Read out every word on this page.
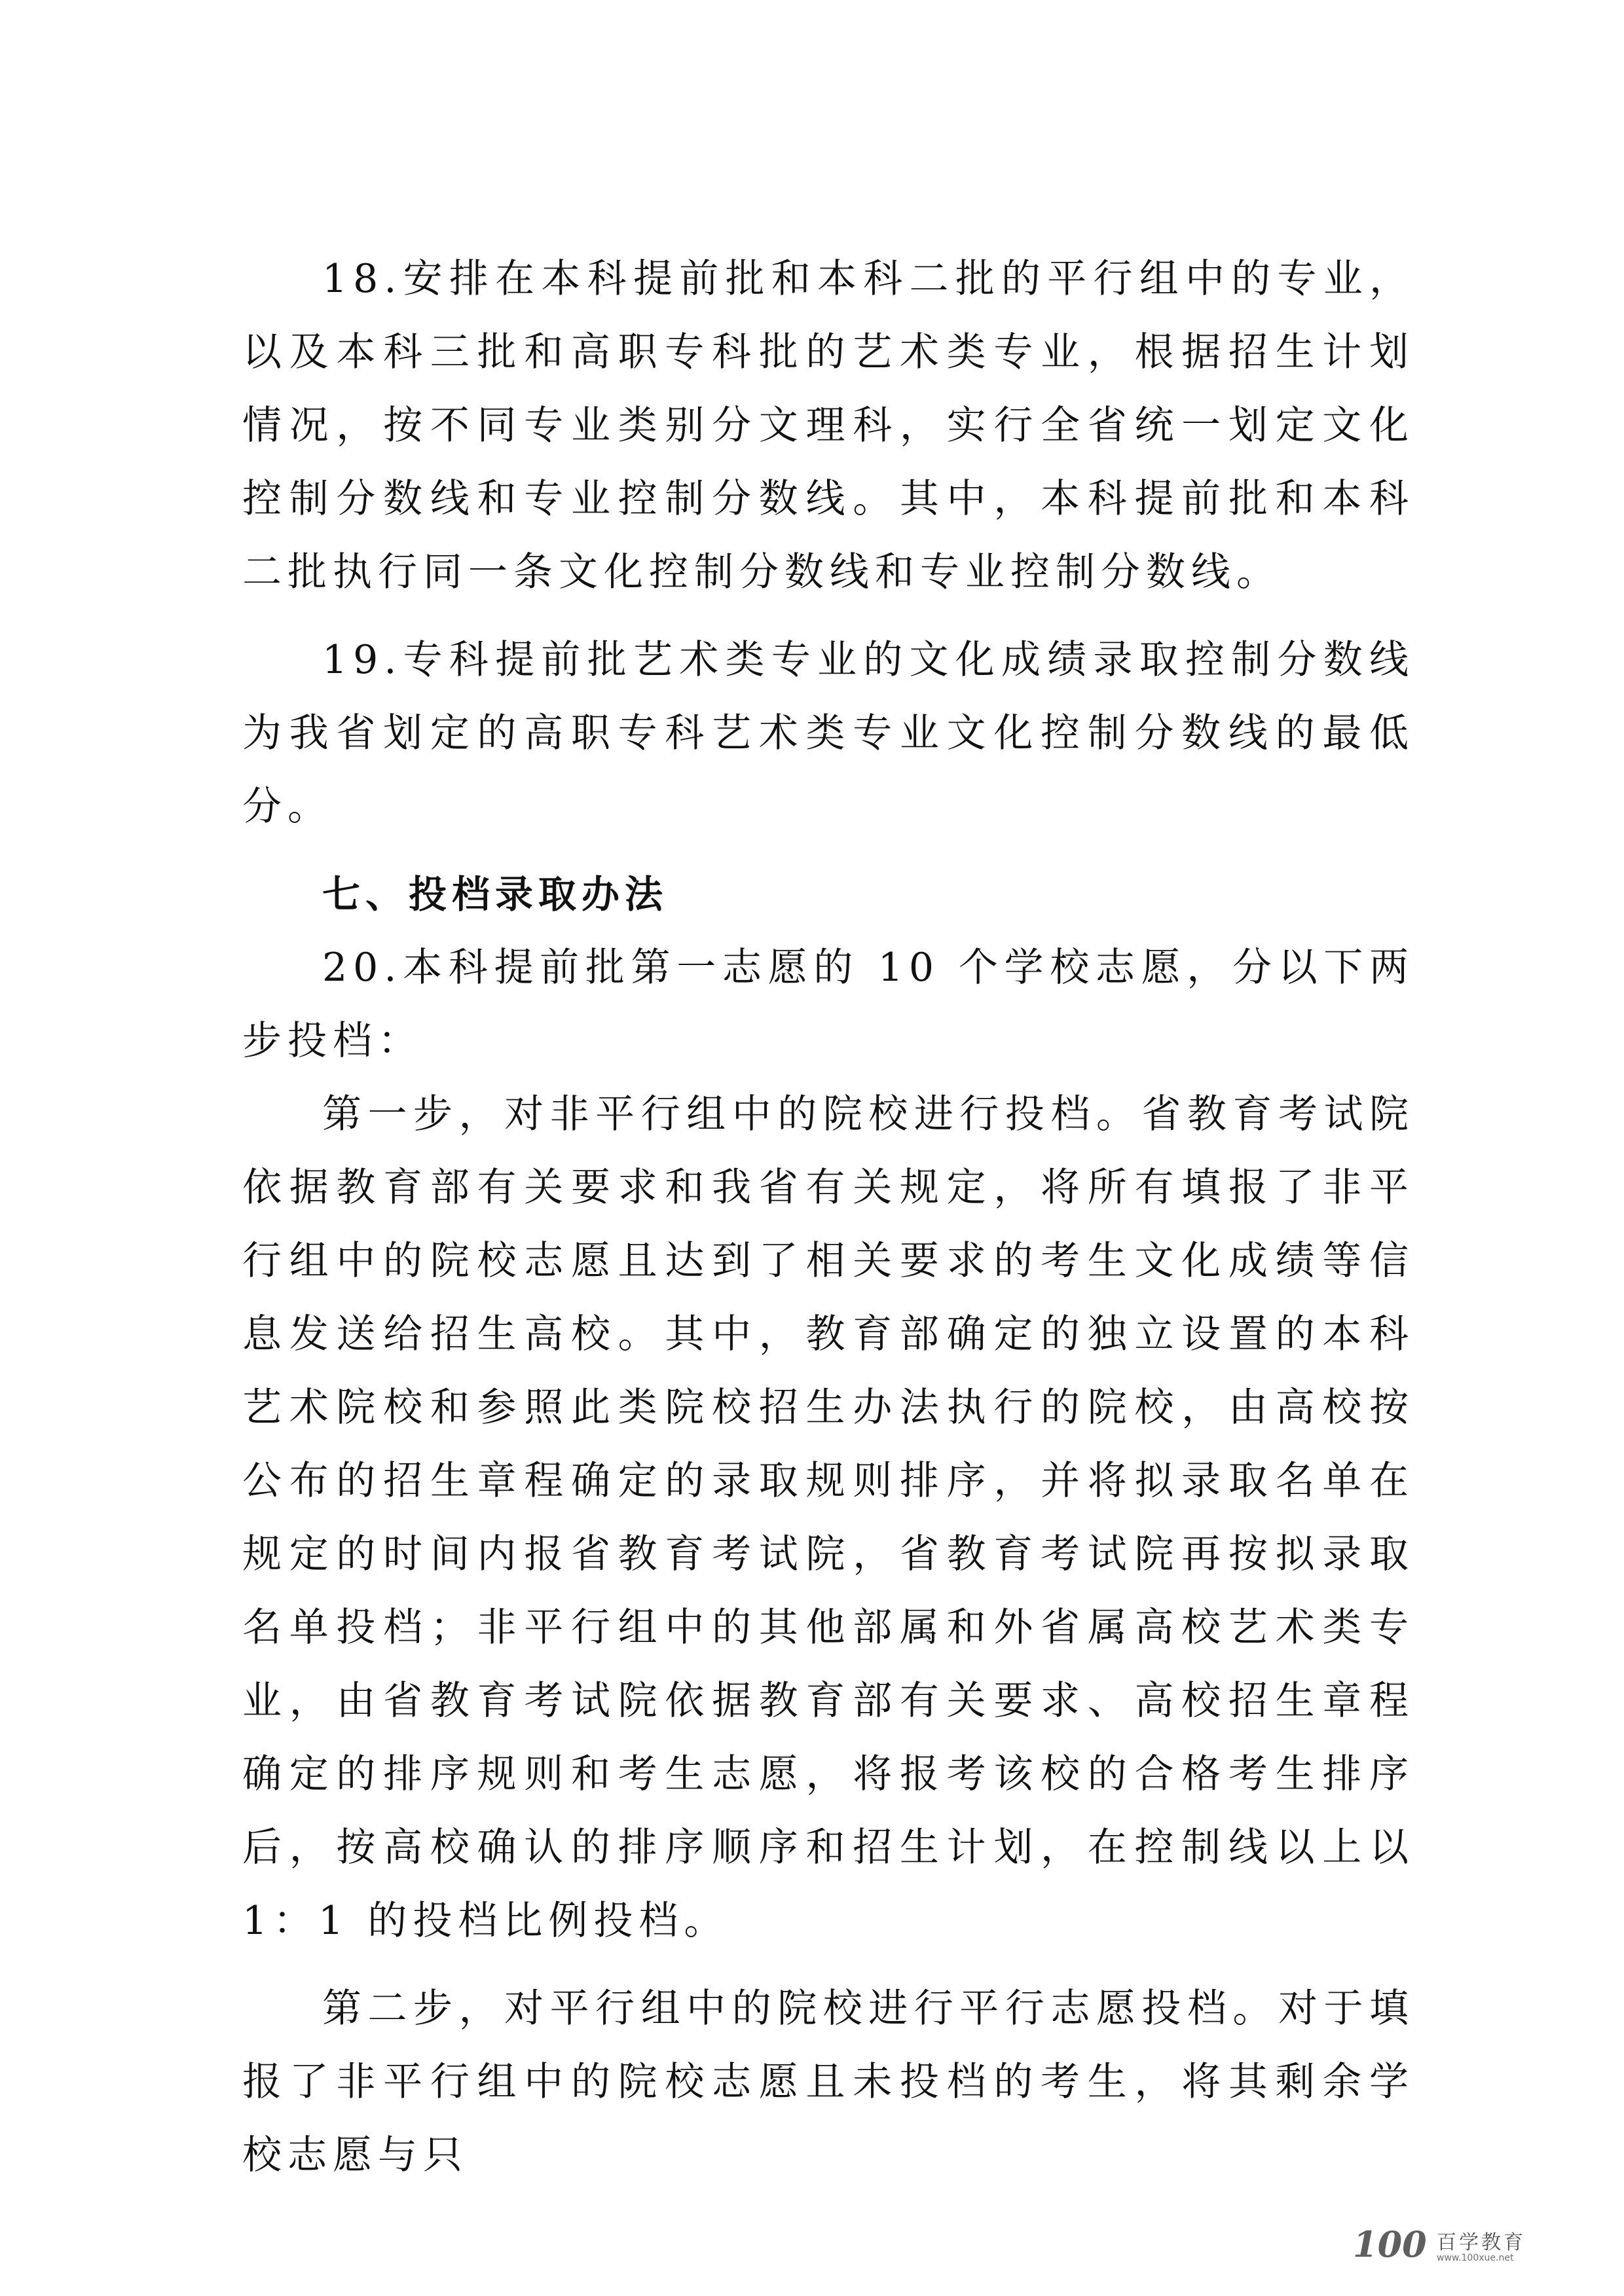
18.安排在本科提前批和本科二批的平行组中的专业，以及本科三批和高职专科批的艺术类专业，根据招生计划情况，按不同专业类别分文理科，实行全省统一划定文化控制分数线和专业控制分数线。其中，本科提前批和本科二批执行同一条文化控制分数线和专业控制分数线。

19.专科提前批艺术类专业的文化成绩录取控制分数线为我省划定的高职专科艺术类专业文化控制分数线的最低分。

七、投档录取办法

20.本科提前批第一志愿的 10 个学校志愿，分以下两步投档：

第一步，对非平行组中的院校进行投档。省教育考试院依据教育部有关要求和我省有关规定，将所有填报了非平行组中的院校志愿且达到了相关要求的考生文化成绩等信息发送给招生高校。其中，教育部确定的独立设置的本科艺术院校和参照此类院校招生办法执行的院校，由高校按公布的招生章程确定的录取规则排序，并将拟录取名单在规定的时间内报省教育考试院，省教育考试院再按拟录取名单投档；非平行组中的其他部属和外省属高校艺术类专业，由省教育考试院依据教育部有关要求、高校招生章程确定的排序规则和考生志愿，将报考该校的合格考生排序后，按高校确认的排序顺序和招生计划，在控制线以上以 1：1 的投档比例投档。

第二步，对平行组中的院校进行平行志愿投档。对于填报了非平行组中的院校志愿且未投档的考生，将其剩余学校志愿与只

100 百学教育
www.100xue.net
